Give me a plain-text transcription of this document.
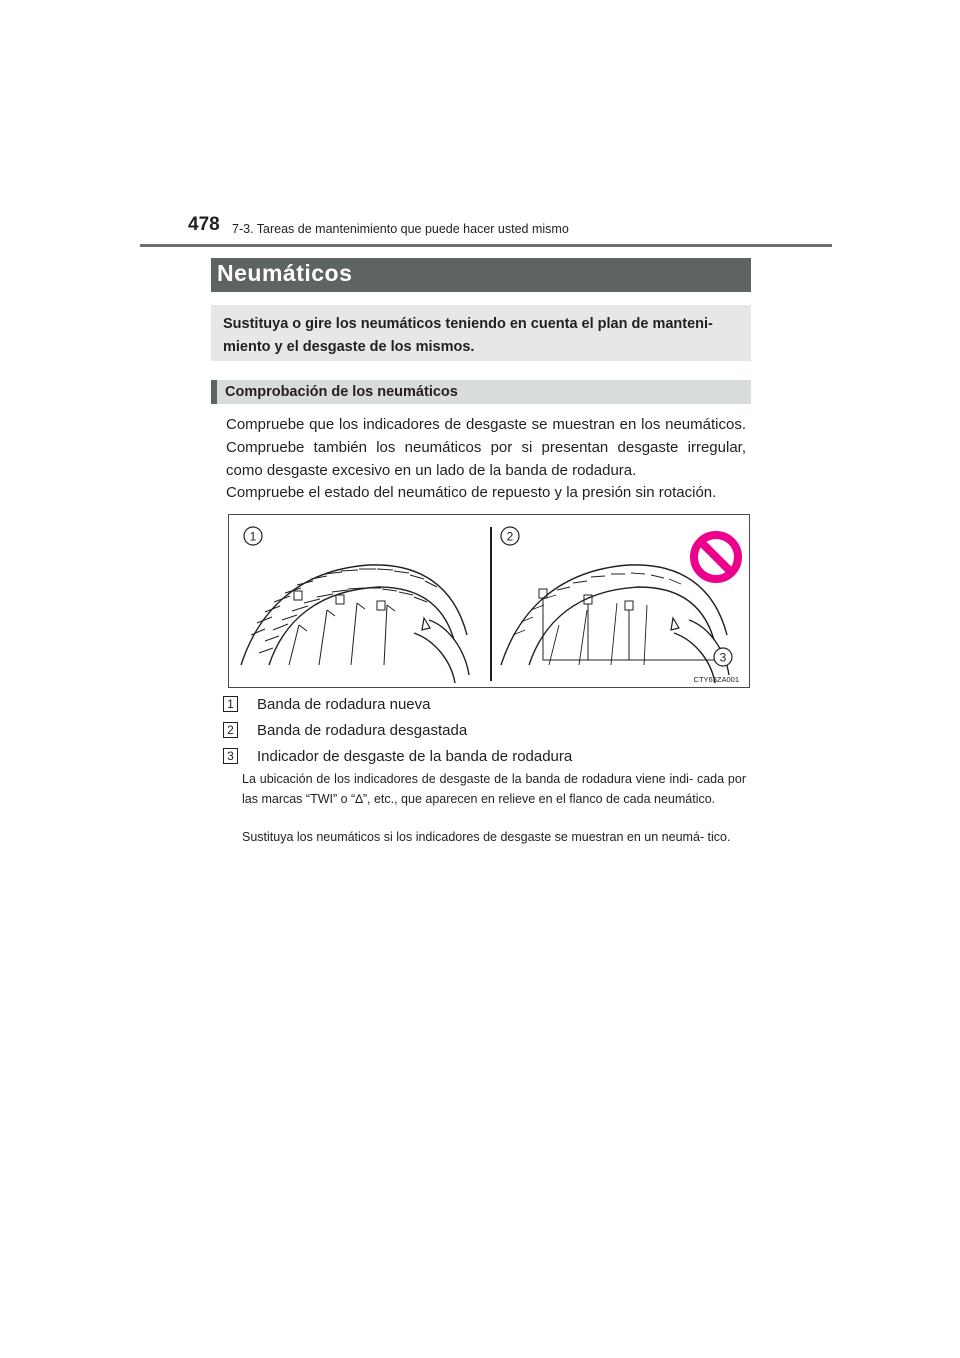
478 7-3. Tareas de mantenimiento que puede hacer usted mismo
Neumáticos
Sustituya o gire los neumáticos teniendo en cuenta el plan de manteni- miento y el desgaste de los mismos.
Comprobación de los neumáticos
Compruebe que los indicadores de desgaste se muestran en los neumáticos. Compruebe también los neumáticos por si presentan desgaste irregular, como desgaste excesivo en un lado de la banda de rodadura.
Compruebe el estado del neumático de repuesto y la presión sin rotación.
1	2
3
CTY63ZA001
1 Banda de rodadura nueva
2 Banda de rodadura desgastada
3 Indicador de desgaste de la banda de rodadura
La ubicación de los indicadores de desgaste de la banda de rodadura viene indi- cada por las marcas “TWI” o “∆”, etc., que aparecen en relieve en el flanco de cada neumático.
Sustituya los neumáticos si los indicadores de desgaste se muestran en un neumá- tico.
